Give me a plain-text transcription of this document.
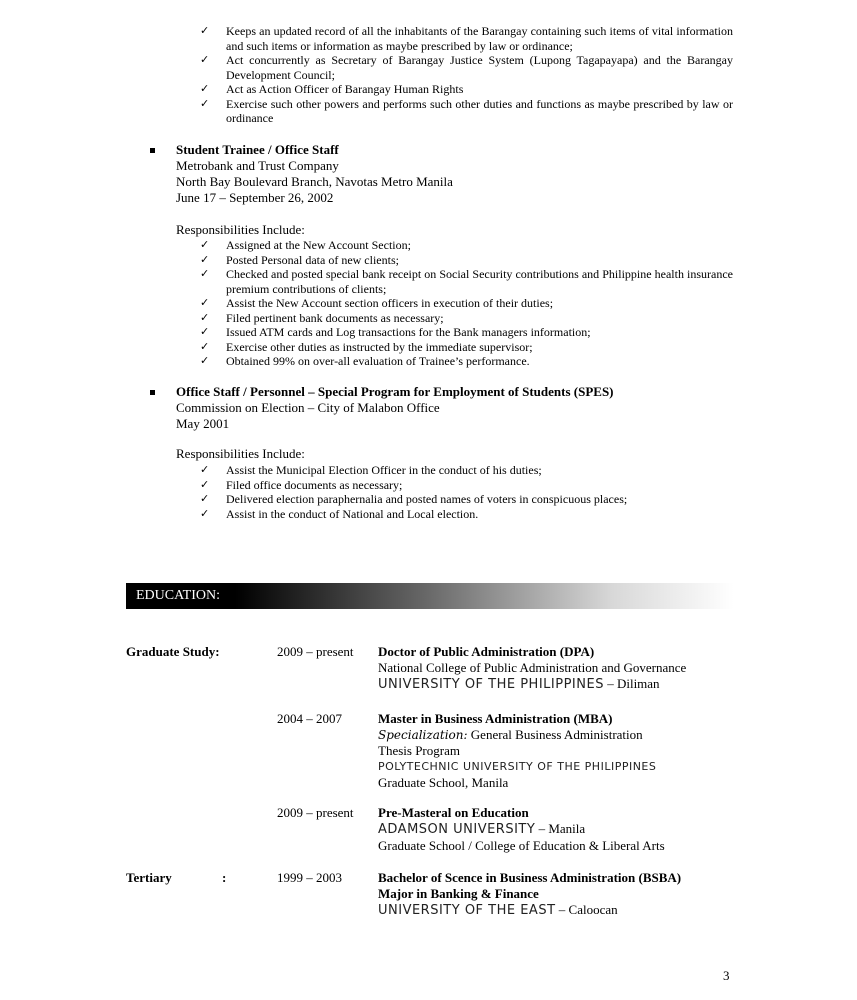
✓ Keeps an updated record of all the inhabitants of the Barangay containing such items of vital information and such items or information as maybe prescribed by law or ordinance;
✓ Act concurrently as Secretary of Barangay Justice System (Lupong Tagapayapa) and the Barangay Development Council;
✓ Act as Action Officer of Barangay Human Rights
✓ Exercise such other powers and performs such other duties and functions as maybe prescribed by law or ordinance
Student Trainee / Office Staff
Metrobank and Trust Company
North Bay Boulevard Branch, Navotas Metro Manila
June 17 – September 26, 2002
Responsibilities Include:
✓ Assigned at the New Account Section;
✓ Posted Personal data of new clients;
✓ Checked and posted special bank receipt on Social Security contributions and Philippine health insurance premium contributions of clients;
✓ Assist the New Account section officers in execution of their duties;
✓ Filed pertinent bank documents as necessary;
✓ Issued ATM cards and Log transactions for the Bank managers information;
✓ Exercise other duties as instructed by the immediate supervisor;
✓ Obtained 99% on over-all evaluation of Trainee’s performance.
Office Staff / Personnel – Special Program for Employment of Students (SPES)
Commission on Election – City of Malabon Office
May 2001
Responsibilities Include:
✓ Assist the Municipal Election Officer in the conduct of his duties;
✓ Filed office documents as necessary;
✓ Delivered election paraphernalia and posted names of voters in conspicuous places;
✓ Assist in the conduct of National and Local election.
EDUCATION:
Graduate Study:	2009 – present Doctor of Public Administration (DPA)
National College of Public Administration and Governance
UNIVERSITY OF THE PHILIPPINES – Diliman
2004 – 2007	Master in Business Administration (MBA)
Specialization: General Business Administration
Thesis Program
POLYTECHNIC UNIVERSITY OF THE PHILIPPINES
Graduate School, Manila
2009 – present Pre-Masteral on Education
ADAMSON UNIVERSITY – Manila
Graduate School / College of Education & Liberal Arts
Tertiary	:	1999 – 2003	Bachelor of Scence in Business Administration (BSBA)
Major in Banking & Finance
UNIVERSITY OF THE EAST – Caloocan
3
